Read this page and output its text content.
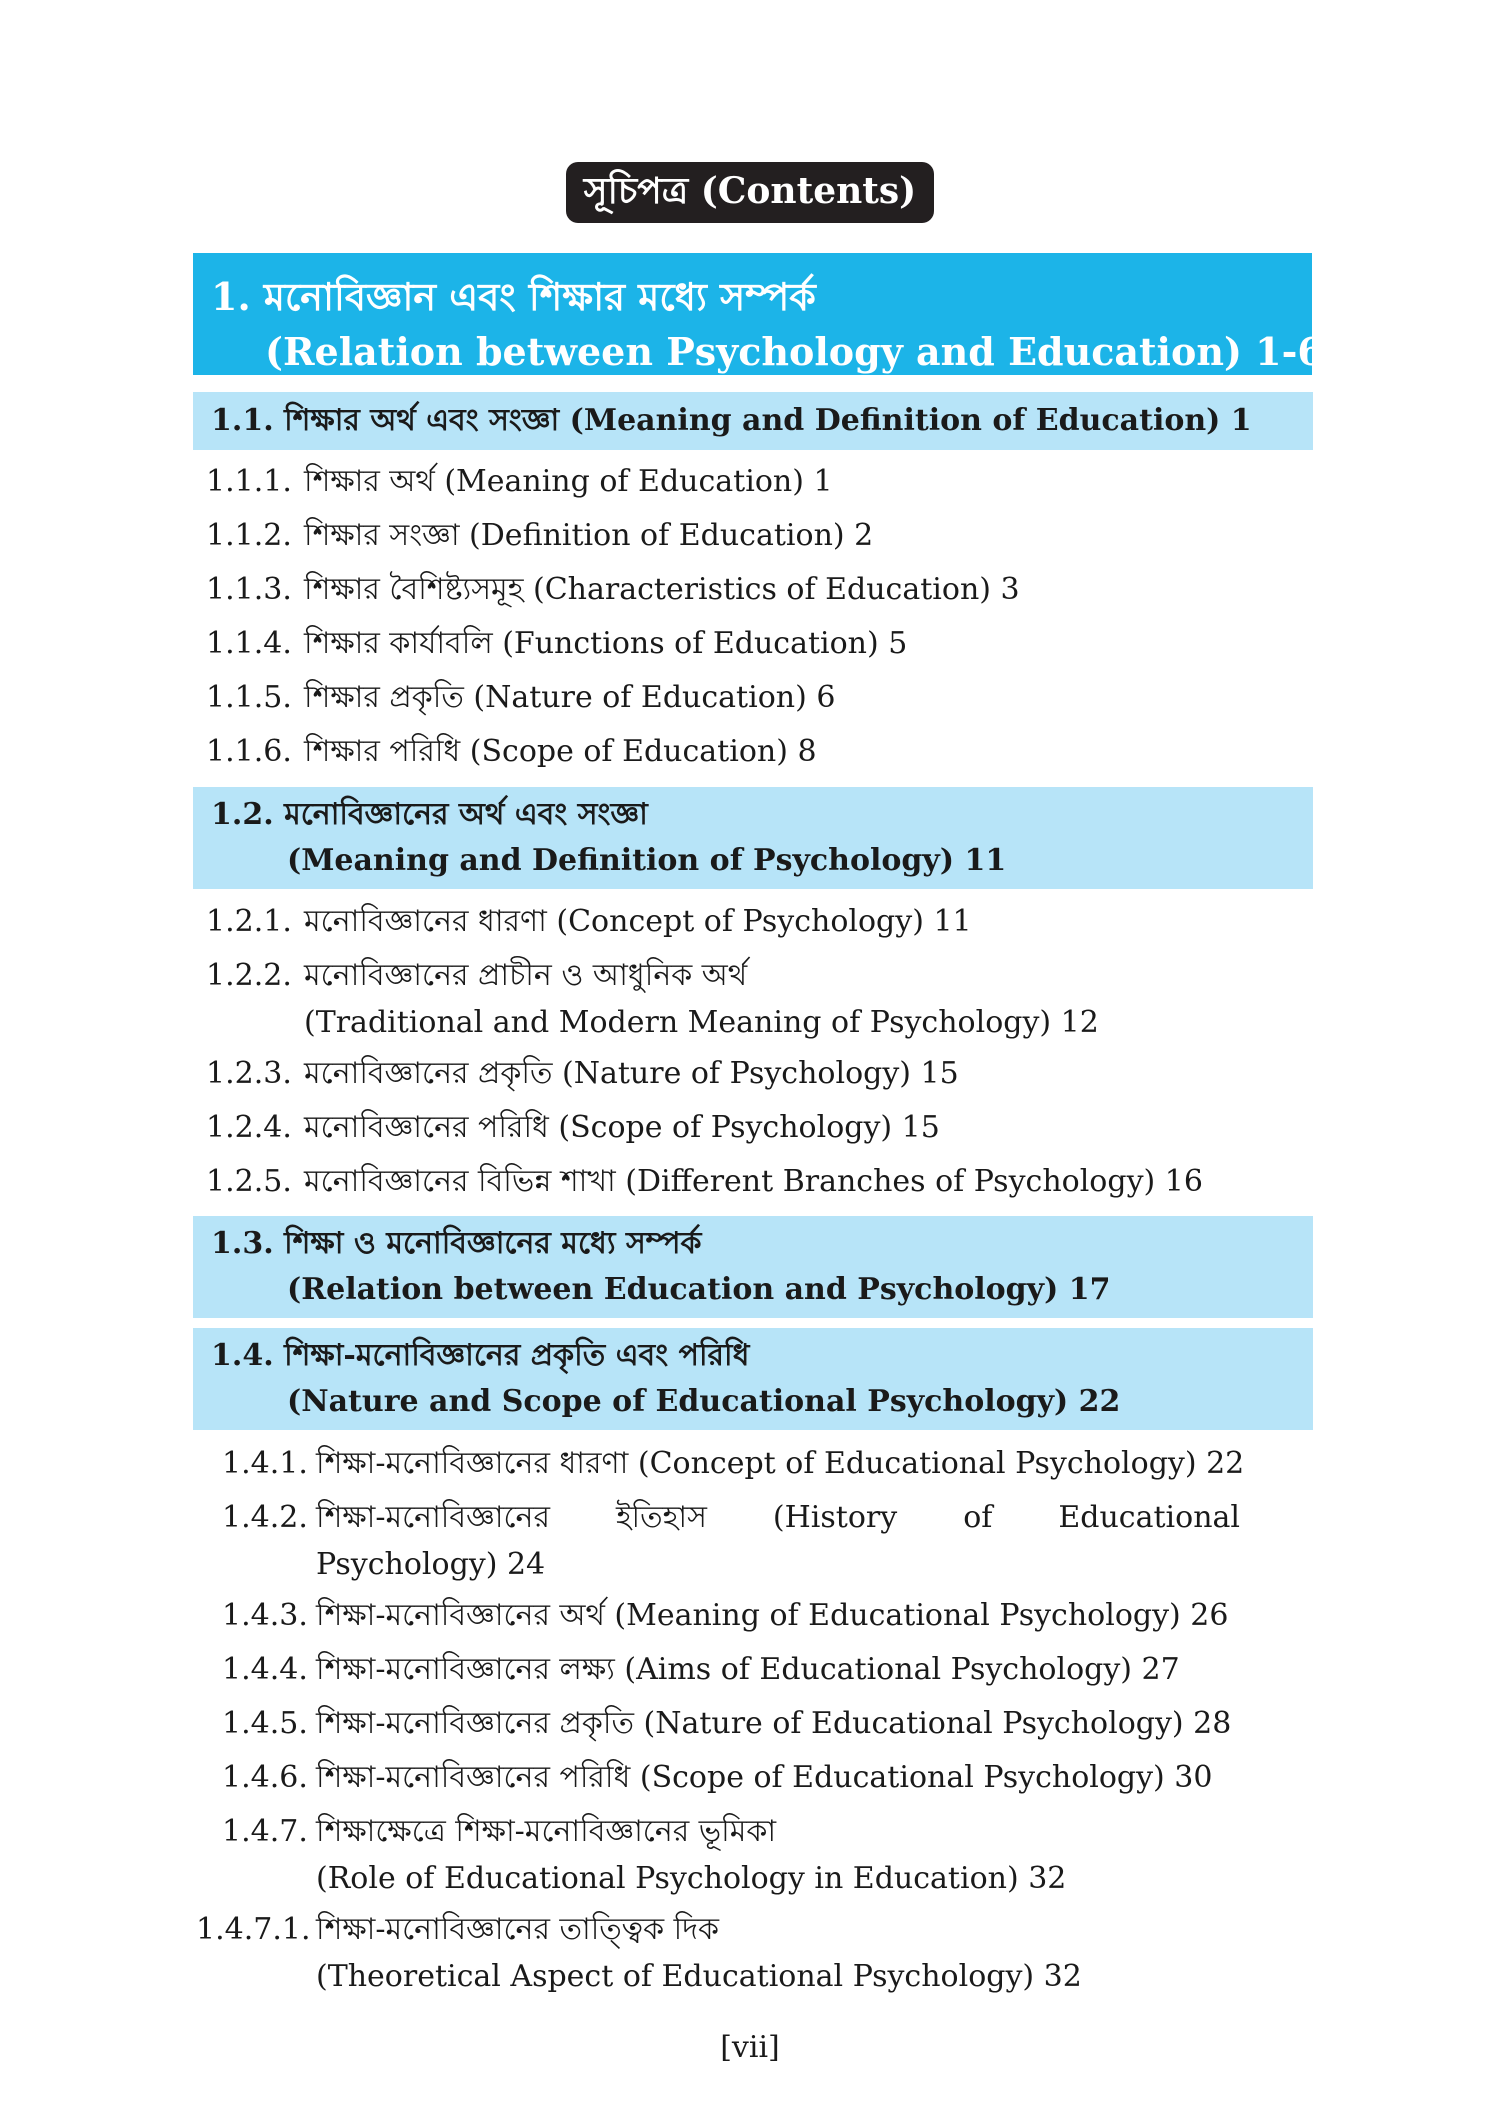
সূচিপত্র (Contents)
1. মনোবিজ্ঞান এবং শিক্ষার মধ্যে সম্পর্ক
(Relation between Psychology and Education) 1-60
1.1. শিক্ষার অর্থ এবং সংজ্ঞা (Meaning and Definition of Education) 1
1.1.1. শিক্ষার অর্থ (Meaning of Education) 1
1.1.2. শিক্ষার সংজ্ঞা (Definition of Education) 2
1.1.3. শিক্ষার বৈশিষ্ট্যসমূহ (Characteristics of Education) 3
1.1.4. শিক্ষার কার্যাবলি (Functions of Education) 5
1.1.5. শিক্ষার প্রকৃতি (Nature of Education) 6
1.1.6. শিক্ষার পরিধি (Scope of Education) 8
1.2. মনোবিজ্ঞানের অর্থ এবং সংজ্ঞা
(Meaning and Definition of Psychology) 11
1.2.1. মনোবিজ্ঞানের ধারণা (Concept of Psychology) 11
1.2.2. মনোবিজ্ঞানের প্রাচীন ও আধুনিক অর্থ
(Traditional and Modern Meaning of Psychology) 12
1.2.3. মনোবিজ্ঞানের প্রকৃতি (Nature of Psychology) 15
1.2.4. মনোবিজ্ঞানের পরিধি (Scope of Psychology) 15
1.2.5. মনোবিজ্ঞানের বিভিন্ন শাখা (Different Branches of Psychology) 16
1.3. শিক্ষা ও মনোবিজ্ঞানের মধ্যে সম্পর্ক
(Relation between Education and Psychology) 17
1.4. শিক্ষা-মনোবিজ্ঞানের প্রকৃতি এবং পরিধি
(Nature and Scope of Educational Psychology) 22
1.4.1. শিক্ষা-মনোবিজ্ঞানের ধারণা (Concept of Educational Psychology) 22
1.4.2. শিক্ষা-মনোবিজ্ঞানের ইতিহাস (History of Educational
Psychology) 24
1.4.3. শিক্ষা-মনোবিজ্ঞানের অর্থ (Meaning of Educational Psychology) 26
1.4.4. শিক্ষা-মনোবিজ্ঞানের লক্ষ্য (Aims of Educational Psychology) 27
1.4.5. শিক্ষা-মনোবিজ্ঞানের প্রকৃতি (Nature of Educational Psychology) 28
1.4.6. শিক্ষা-মনোবিজ্ঞানের পরিধি (Scope of Educational Psychology) 30
1.4.7. শিক্ষাক্ষেত্রে শিক্ষা-মনোবিজ্ঞানের ভূমিকা
(Role of Educational Psychology in Education) 32
1.4.7.1. শিক্ষা-মনোবিজ্ঞানের তাত্ত্বিক দিক
(Theoretical Aspect of Educational Psychology) 32
[vii]
